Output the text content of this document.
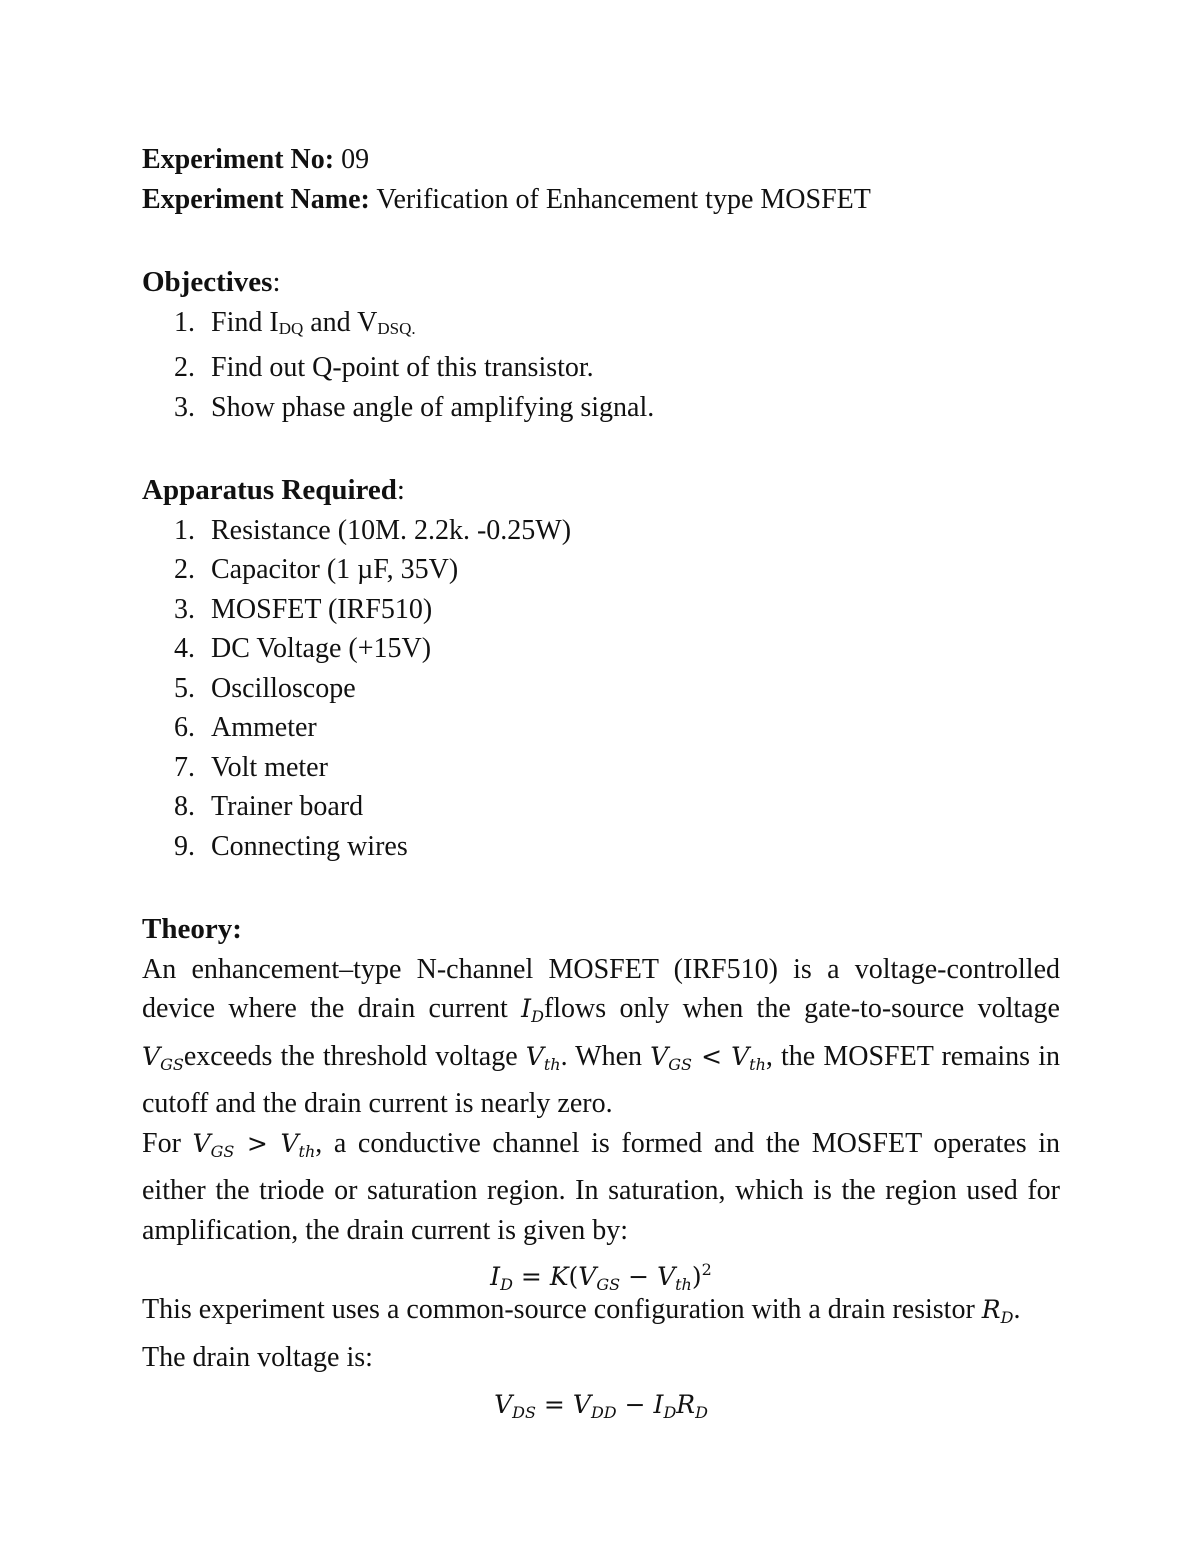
Experiment No: 09
Experiment Name: Verification of Enhancement type MOSFET
Objectives:
1. Find IDQ and VDSQ.
2. Find out Q-point of this transistor.
3. Show phase angle of amplifying signal.
Apparatus Required:
1. Resistance (10M. 2.2k. -0.25W)
2. Capacitor (1 µF, 35V)
3. MOSFET (IRF510)
4. DC Voltage (+15V)
5. Oscilloscope
6. Ammeter
7. Volt meter
8. Trainer board
9. Connecting wires
Theory:

An enhancement–type N-channel MOSFET (IRF510) is a voltage-controlled device where the drain current $I_Dflows$ only when the gate-to-source voltage $V_{GS}exceeds$ the threshold voltage $V_{th}$. When $V_{GS} < V_{th}$, the MOSFET remains in cutoff and the drain current is nearly zero.

For $V_{GS} > V_{th}$, a conductive channel is formed and the MOSFET operates in either the triode or saturation region. In saturation, which is the region used for amplification, the drain current is given by:

$I_D = K(V_{GS} - V_{th})^2$

This experiment uses a common-source configuration with a drain resistor $R_D$.

The drain voltage is:

$V_{DS} = V_{DD} - I_DR_D$
